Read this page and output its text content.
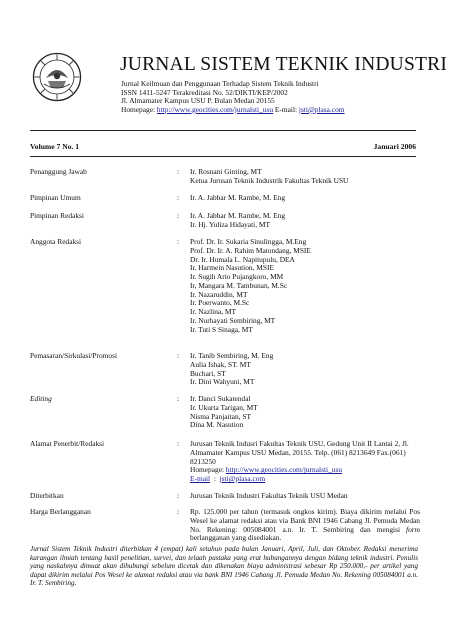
JURNAL SISTEM TEKNIK INDUSTRI
Jurnal Keilmuan dan Penggunaan Terhadap Sistem Teknik Industri
ISSN 1411-5247 Terakreditasi No. 52/DIKTI/KEP/2002
Jl. Almamater Kampus USU P. Bulan Medan 20155
Homepage: http://www.geocities.com/jurnalsti_usu E-mail: jsti@plasa.com
Volume 7 No. 1	Januari 2006
Penanggung Jawab	: Ir. Rosnani Ginting, MT
Ketua Jurusan Teknik Industrik Fakultas Teknik USU
Pimpinan Umum	: Ir. A. Jabbar M. Rambe, M. Eng
Pimpinan Redaksi	: Ir. A. Jabbar M. Rambe, M. Eng
Ir. Hj. Yuliza Hidayati, MT
Anggota Redaksi	: Prof. Dr. Ir. Sukaria Sinulingga, M.Eng
Prof. Dr. Ir. A. Rahim Matondang, MSIE
Dr. Ir. Humala L. Napitupulu, DEA
Ir. Harmein Nasution, MSIE
Ir. Sugih Ario Pujangkoro, MM
Ir, Mangara M. Tambunan, M.Sc
Ir. Nazaruddin, MT
Ir. Poerwanto, M.Sc
Ir. Nazlina, MT
Ir. Nurhayati Sembiring, MT
Ir. Tuti S Sinaga, MT
Pemasaran/Sirkulasi/Promosi	: Ir. Tanib Sembiring, M. Eng
Aulia Ishak, ST. MT
Buchari, ST
Ir. Dini Wahyuni, MT
Editing	: Ir. Danci Sukatendal
Ir. Ukurta Tarigan, MT
Nisma Panjaitan, ST
Dina M. Nasution
Alamat Penerbit/Redaksi	: Jurusan Teknik Indusri Fakultas Teknik USU, Gedung Unit II Lantai 2, Jl. Almamater Kampus USU Medan, 20155. Telp. (061) 8213649 Fax.(061) 8213250
Homepage: http://www.geocities.com/jurnalsti_usu
E-mail  :  jsti@plasa.com
Diterbitkan	: Jurusan Teknik Industri Fakultas Teknik USU Medan
Harga Berlangganan	: Rp. 125.000 per tahun (termasuk ongkos kirim). Biaya dikirim melalui Pos Wesel ke alamat redaksi atau via Bank BNI 1946 Cabang Jl. Pemuda Medan No. Rekening: 005084001 a.n. Ir. T. Sembiring dan mengisi form berlangganan yang disediakan.
Jurnal Sistem Teknik Industri diterbitkan 4 (empat) kali setahun pada bulan Januari, April, Juli, dan Oktober. Redaksi menerima karangan ilmiah tentang hasil penelitian, survei, dan telaah pustaka yang erat hubungannya dengan bidang teknik industri. Penulis yang naskahnya dimuat akan dihubungi sebelum dicetak dan dikenakan biaya administrasi sebesar Rp 250.000,- per artikel yang dapat dikirim melalui Pos Wesel ke alamat redaksi atau via bank BNI 1946 Cabang Jl. Pemuda Medan No. Rekening 005084001 a.n. Ir. T. Sembiring.
